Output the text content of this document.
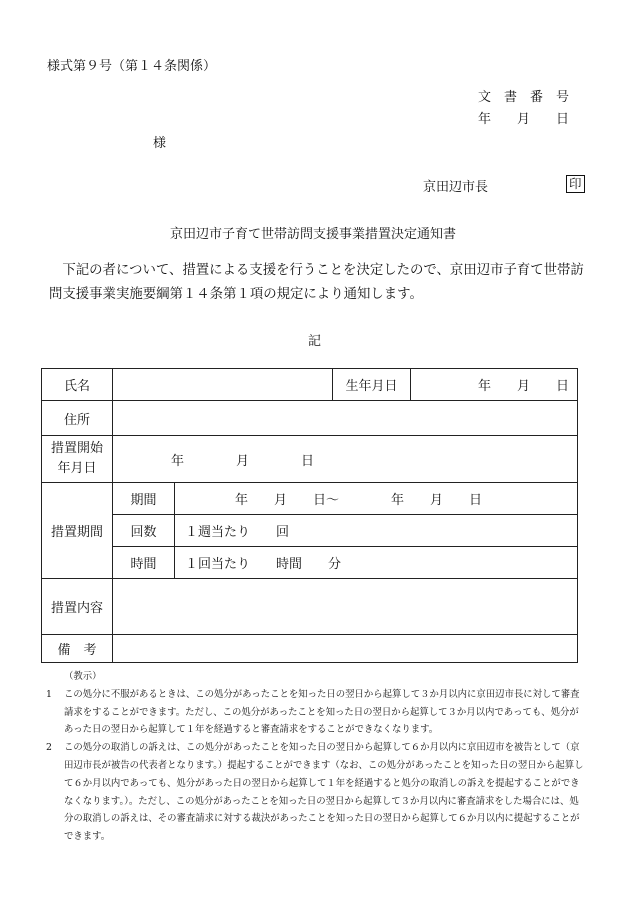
様式第９号（第１４条関係）
文　書　番　号
年　　月　　日
様
京田辺市長	印
京田辺市子育て世帯訪問支援事業措置決定通知書
　下記の者について、措置による支援を行うことを決定したので、京田辺市子育て世帯訪問支援事業実施要綱第１４条第１項の規定により通知します。
記
氏名			生年月日	年　　月　　日
住所				
措置開始年月日	年　　　　月　　　　日			
措置期間	期間	年　　月　　日～　　　　年　　月　　日		
	回数	１週当たり　　回		
	時間	１回当たり　　時間　　分		
措置内容				
備　考				
（教示）
1	この処分に不服があるときは、この処分があったことを知った日の翌日から起算して３か月以内に京田辺市長に対して審査請求をすることができます。ただし、この処分があったことを知った日の翌日から起算して３か月以内であっても、処分があった日の翌日から起算して１年を経過すると審査請求をすることができなくなります。
2	この処分の取消しの訴えは、この処分があったことを知った日の翌日から起算して６か月以内に京田辺市を被告として（京田辺市長が被告の代表者となります。）提起することができます（なお、この処分があったことを知った日の翌日から起算して６か月以内であっても、処分があった日の翌日から起算して１年を経過すると処分の取消しの訴えを提起することができなくなります。）。ただし、この処分があったことを知った日の翌日から起算して３か月以内に審査請求をした場合には、処分の取消しの訴えは、その審査請求に対する裁決があったことを知った日の翌日から起算して６か月以内に提起することができます。
